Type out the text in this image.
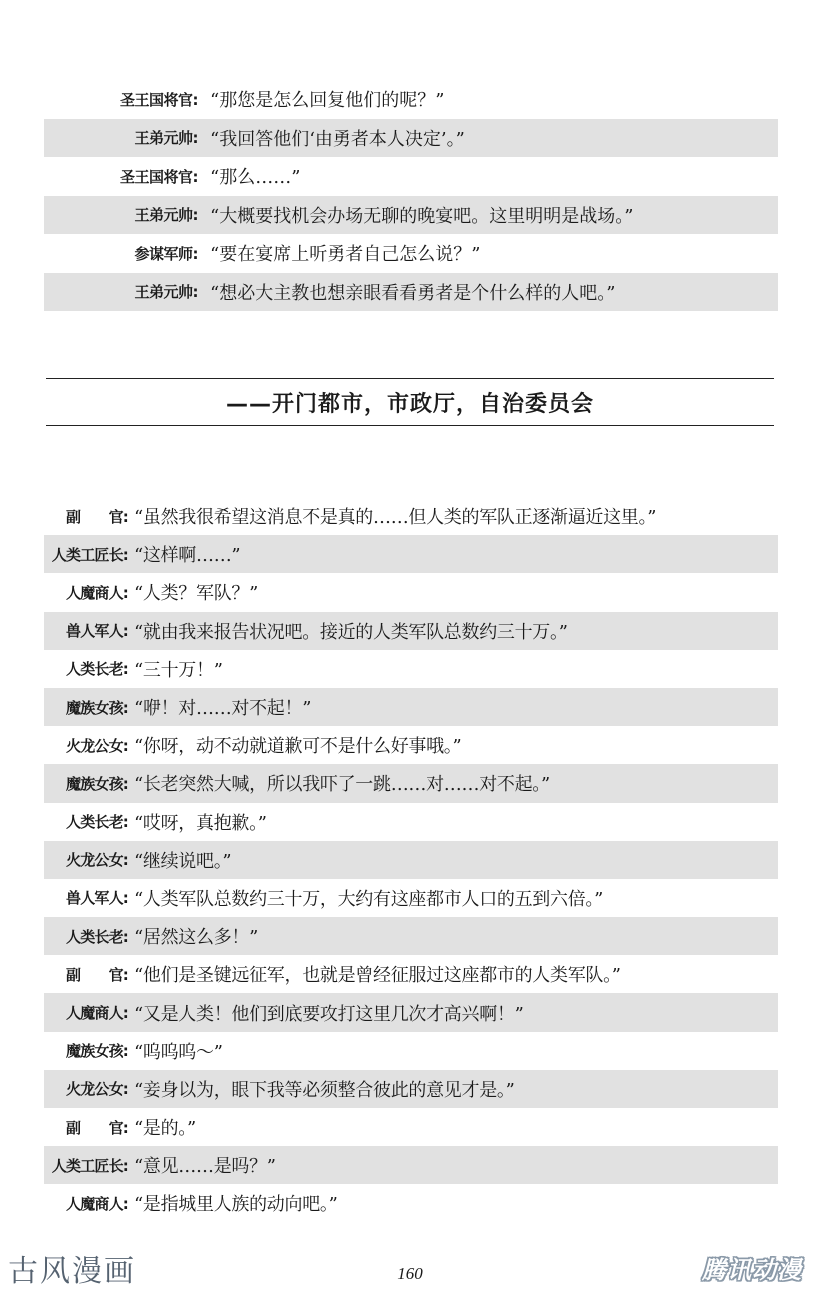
圣王国将官: “那您是怎么回复他们的呢？”
王弟元帅: “我回答他们‘由勇者本人决定’。”
圣王国将官: “那么……”
王弟元帅: “大概要找机会办场无聊的晚宴吧。这里明明是战场。”
参谋军师: “要在宴席上听勇者自己怎么说？”
王弟元帅: “想必大主教也想亲眼看看勇者是个什么样的人吧。”
——开门都市，市政厅，自治委员会
副　　官: “虽然我很希望这消息不是真的……但人类的军队正逐渐逼近这里。”
人类工匠长: “这样啊……”
人魔商人: “人类？军队？”
兽人军人: “就由我来报告状况吧。接近的人类军队总数约三十万。”
人类长老: “三十万！”
魔族女孩: “咿！对……对不起！”
火龙公女: “你呀，动不动就道歉可不是什么好事哦。”
魔族女孩: “长老突然大喊，所以我吓了一跳……对……对不起。”
人类长老: “哎呀，真抱歉。”
火龙公女: “继续说吧。”
兽人军人: “人类军队总数约三十万，大约有这座都市人口的五到六倍。”
人类长老: “居然这么多！”
副　　官: “他们是圣键远征军，也就是曾经征服过这座都市的人类军队。”
人魔商人: “又是人类！他们到底要攻打这里几次才高兴啊！”
魔族女孩: “呜呜呜～”
火龙公女: “妾身以为，眼下我等必须整合彼此的意见才是。”
副　　官: “是的。”
人类工匠长: “意见……是吗？”
人魔商人: “是指城里人族的动向吧。”
古风漫画	160	腾讯动漫
